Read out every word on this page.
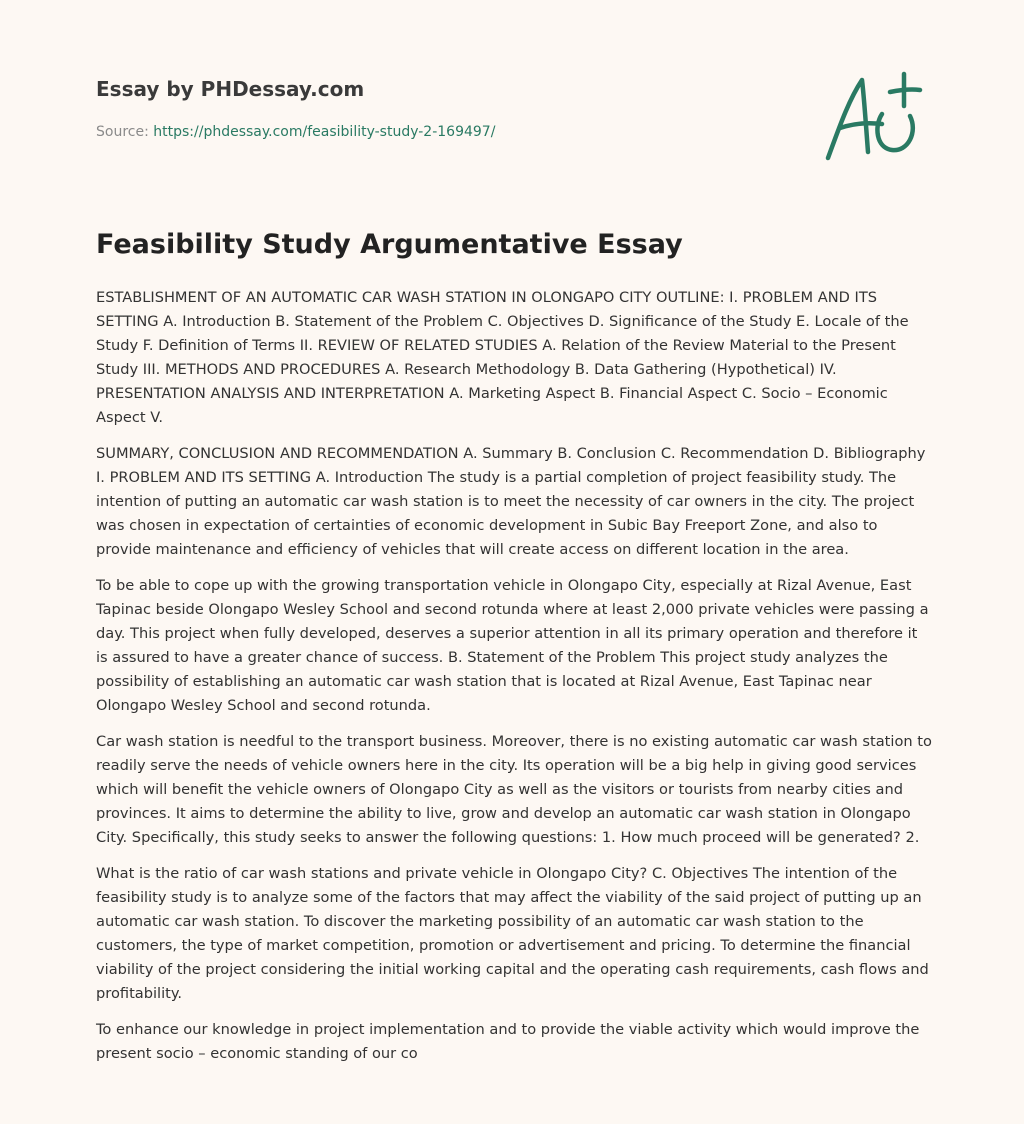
Essay by PHDessay.com
Source: https://phdessay.com/feasibility-study-2-169497/
Feasibility Study Argumentative Essay

ESTABLISHMENT OF AN AUTOMATIC CAR WASH STATION IN OLONGAPO CITY OUTLINE: I. PROBLEM AND ITS SETTING A. Introduction B. Statement of the Problem C. Objectives D. Significance of the Study E. Locale of the Study F. Definition of Terms II. REVIEW OF RELATED STUDIES A. Relation of the Review Material to the Present Study III. METHODS AND PROCEDURES A. Research Methodology B. Data Gathering (Hypothetical) IV. PRESENTATION ANALYSIS AND INTERPRETATION A. Marketing Aspect B. Financial Aspect C. Socio – Economic Aspect V.

SUMMARY, CONCLUSION AND RECOMMENDATION A. Summary B. Conclusion C. Recommendation D. Bibliography I. PROBLEM AND ITS SETTING A. Introduction The study is a partial completion of project feasibility study. The intention of putting an automatic car wash station is to meet the necessity of car owners in the city. The project was chosen in expectation of certainties of economic development in Subic Bay Freeport Zone, and also to provide maintenance and efficiency of vehicles that will create access on different location in the area.

To be able to cope up with the growing transportation vehicle in Olongapo City, especially at Rizal Avenue, East Tapinac beside Olongapo Wesley School and second rotunda where at least 2,000 private vehicles were passing a day. This project when fully developed, deserves a superior attention in all its primary operation and therefore it is assured to have a greater chance of success. B. Statement of the Problem This project study analyzes the possibility of establishing an automatic car wash station that is located at Rizal Avenue, East Tapinac near Olongapo Wesley School and second rotunda.

Car wash station is needful to the transport business. Moreover, there is no existing automatic car wash station to readily serve the needs of vehicle owners here in the city. Its operation will be a big help in giving good services which will benefit the vehicle owners of Olongapo City as well as the visitors or tourists from nearby cities and provinces. It aims to determine the ability to live, grow and develop an automatic car wash station in Olongapo City. Specifically, this study seeks to answer the following questions: 1. How much proceed will be generated? 2.

What is the ratio of car wash stations and private vehicle in Olongapo City? C. Objectives The intention of the feasibility study is to analyze some of the factors that may affect the viability of the said project of putting up an automatic car wash station. To discover the marketing possibility of an automatic car wash station to the customers, the type of market competition, promotion or advertisement and pricing. To determine the financial viability of the project considering the initial working capital and the operating cash requirements, cash flows and profitability.

To enhance our knowledge in project implementation and to provide the viable activity which would improve the present socio – economic standing of our co
